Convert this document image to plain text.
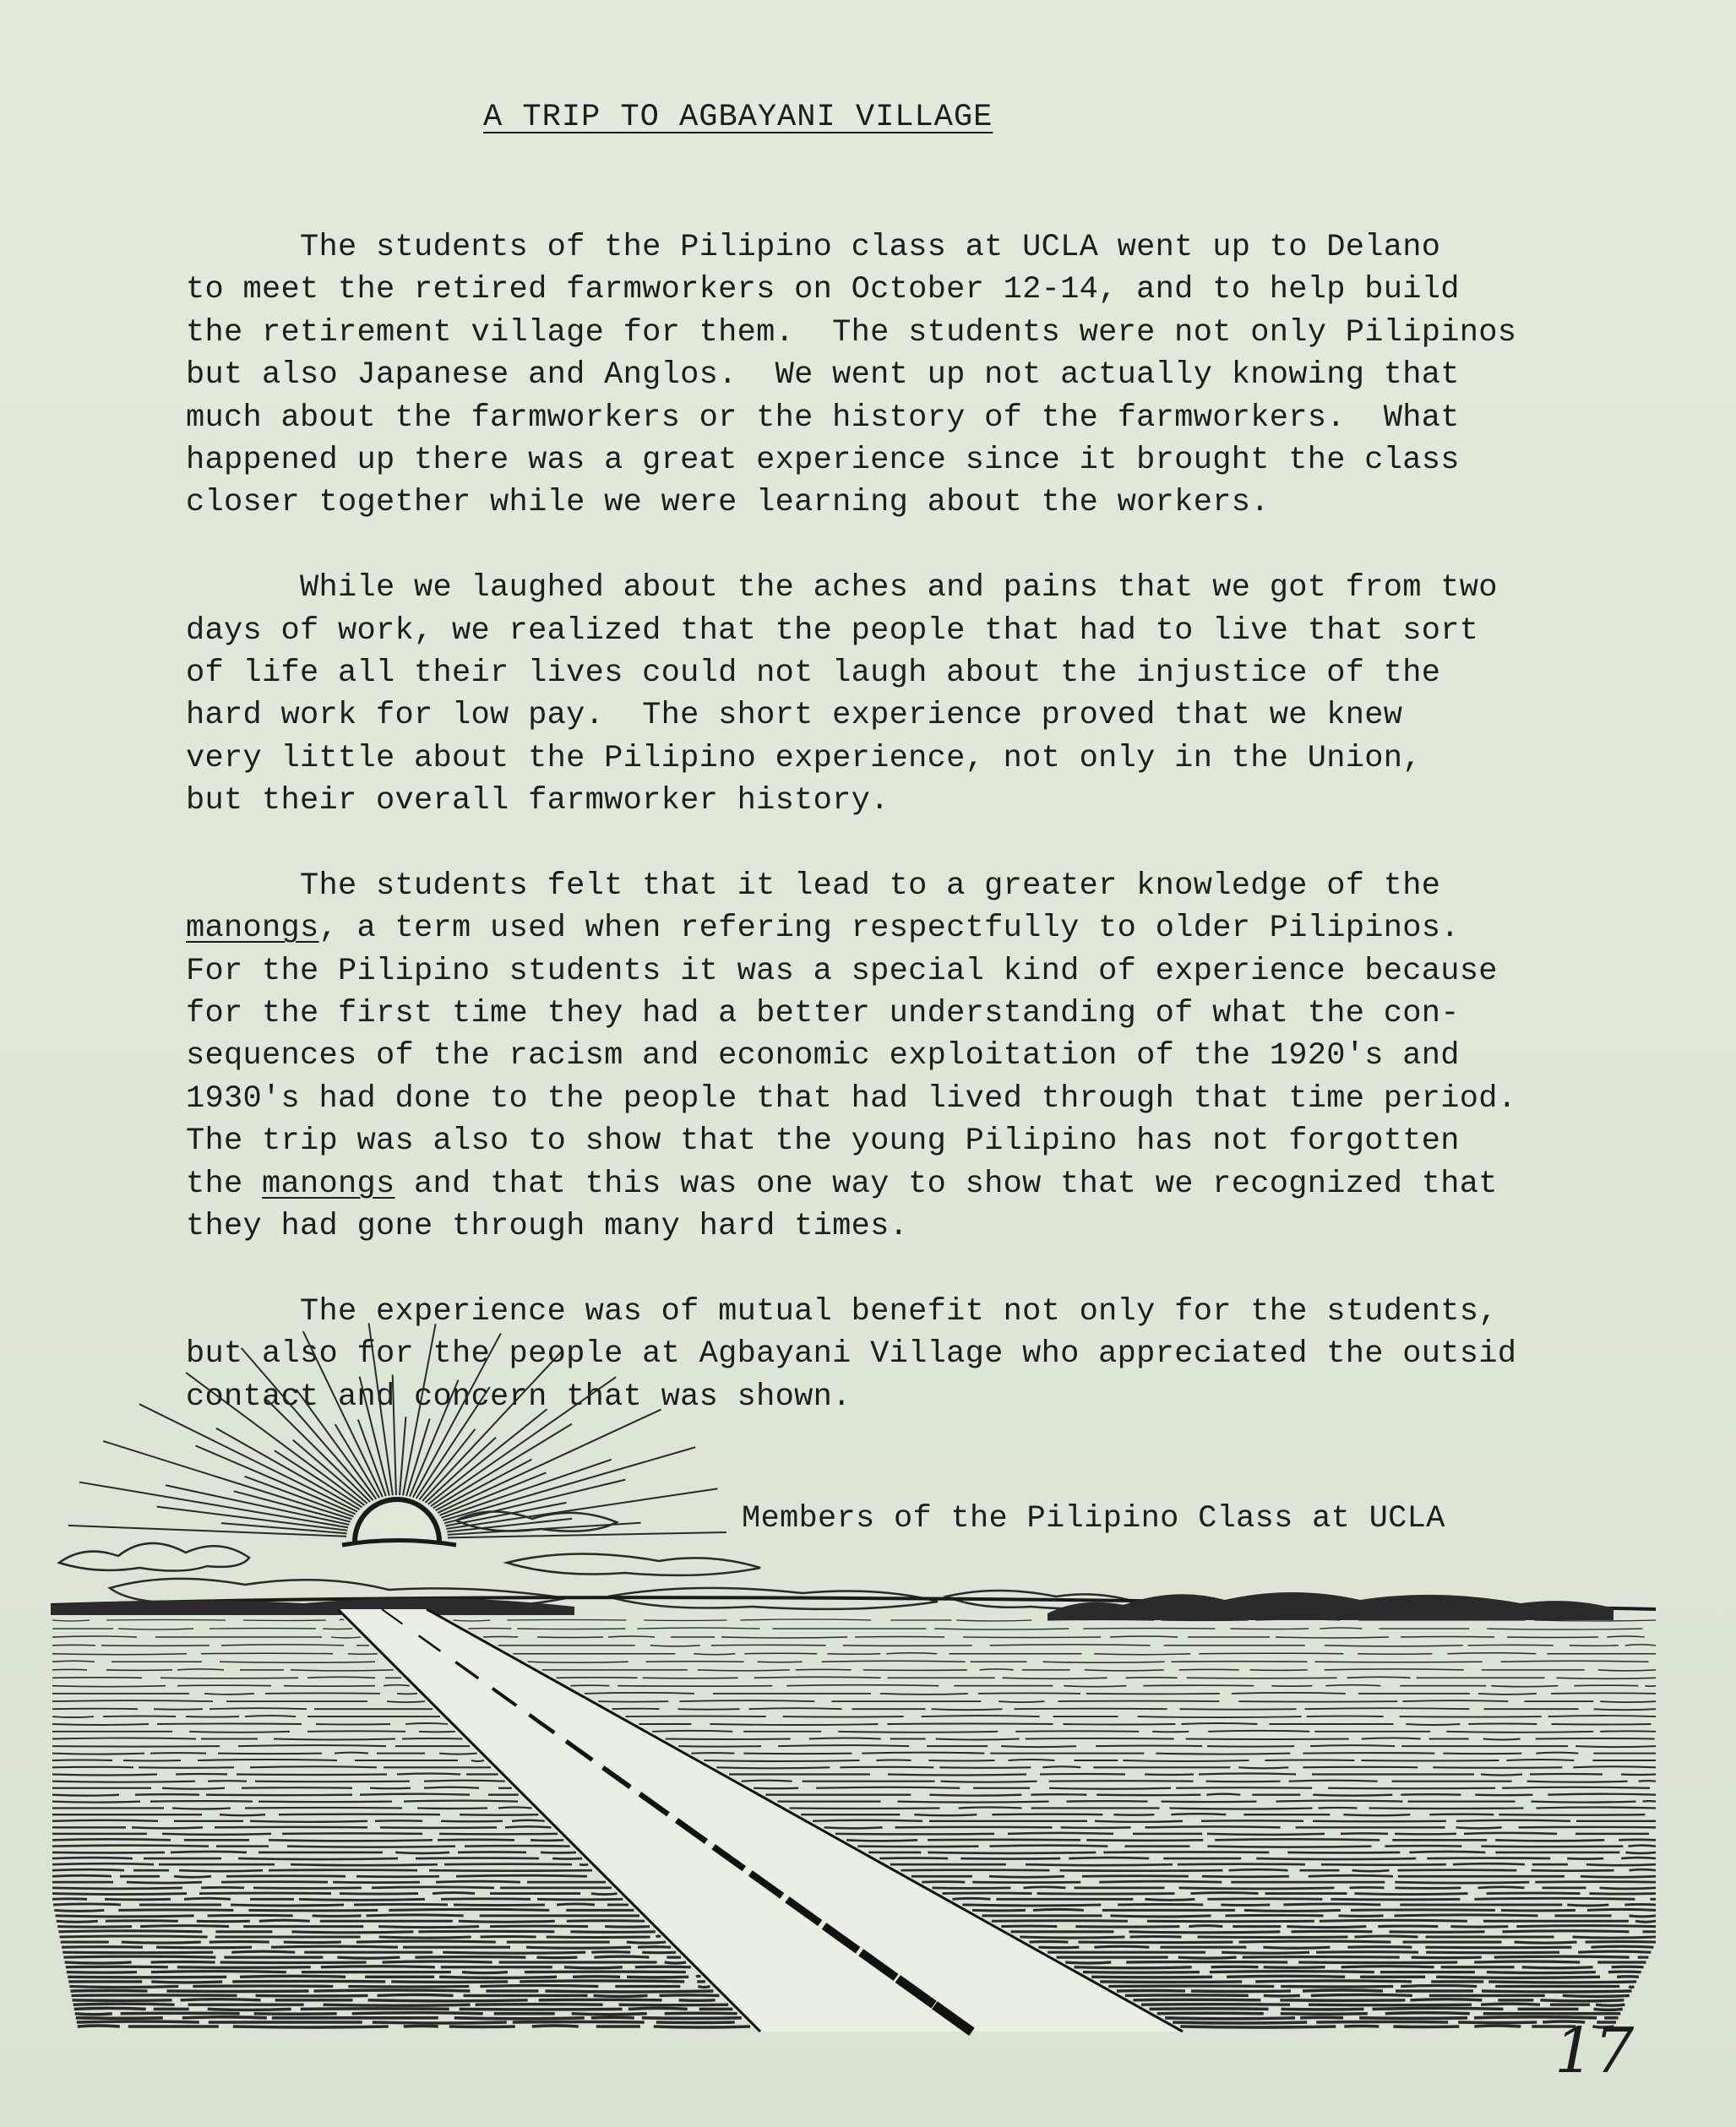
A TRIP TO AGBAYANI VILLAGE
The students of the Pilipino class at UCLA went up to Delano
to meet the retired farmworkers on October 12-14, and to help build
the retirement village for them.  The students were not only Pilipinos
but also Japanese and Anglos.  We went up not actually knowing that
much about the farmworkers or the history of the farmworkers.  What
happened up there was a great experience since it brought the class
closer together while we were learning about the workers.
While we laughed about the aches and pains that we got from two
days of work, we realized that the people that had to live that sort
of life all their lives could not laugh about the injustice of the
hard work for low pay.  The short experience proved that we knew
very little about the Pilipino experience, not only in the Union,
but their overall farmworker history.
The students felt that it lead to a greater knowledge of the
manongs, a term used when refering respectfully to older Pilipinos.
For the Pilipino students it was a special kind of experience because
for the first time they had a better understanding of what the con-
sequences of the racism and economic exploitation of the 1920's and
1930's had done to the people that had lived through that time period.
The trip was also to show that the young Pilipino has not forgotten
the manongs and that this was one way to show that we recognized that
they had gone through many hard times.
The experience was of mutual benefit not only for the students,
but also for the people at Agbayani Village who appreciated the outsid
contact and concern that was shown.
Members of the Pilipino Class at UCLA
17
